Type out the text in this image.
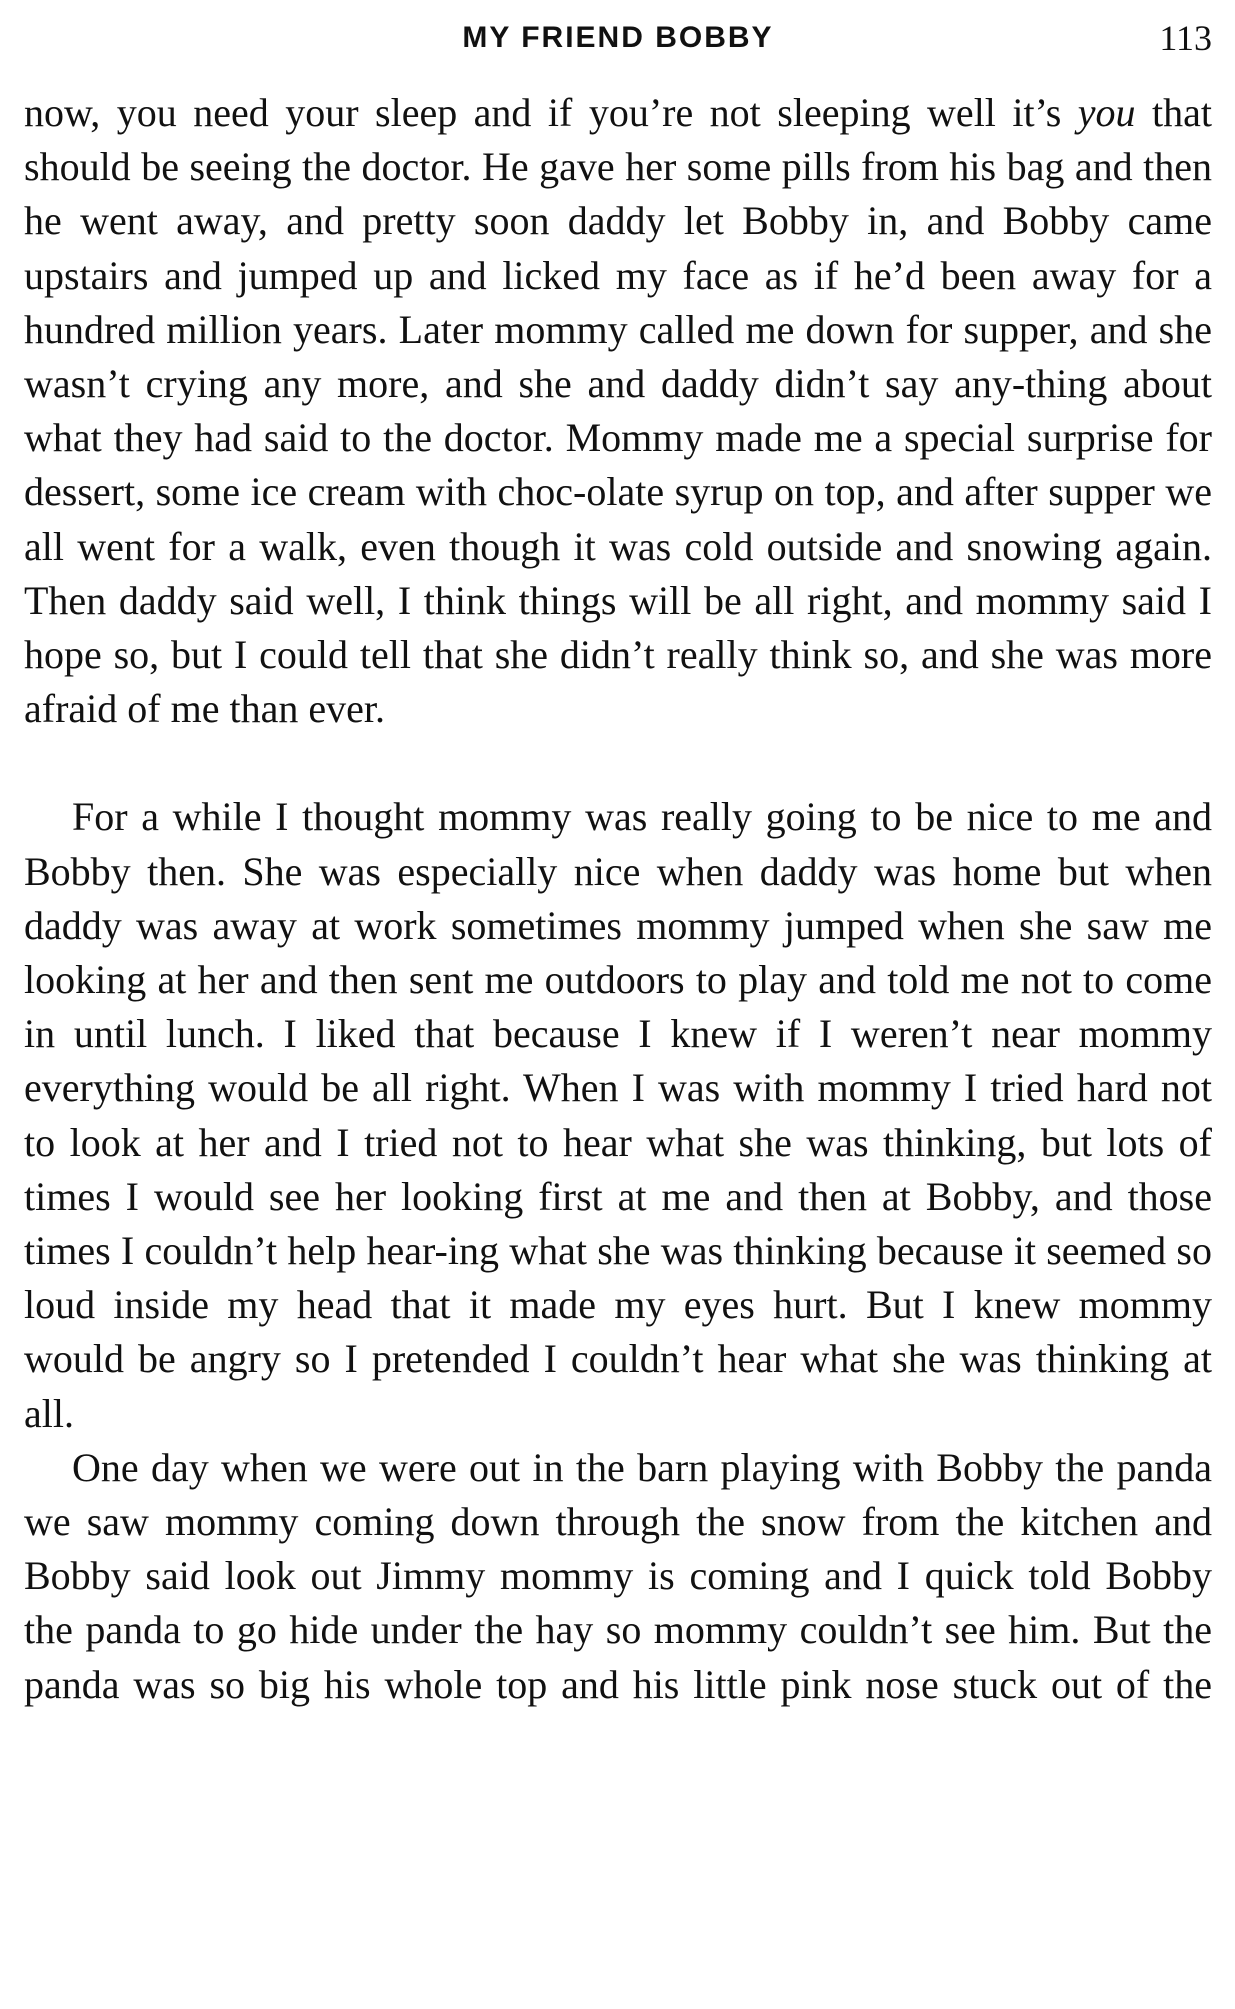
MY FRIEND BOBBY	113

now, you need your sleep and if you’re not sleeping well it’s you that should be seeing the doctor. He gave her some pills from his bag and then he went away, and pretty soon daddy let Bobby in, and Bobby came upstairs and jumped up and licked my face as if he’d been away for a hundred million years. Later mommy called me down for supper, and she wasn’t crying any more, and she and daddy didn’t say any-thing about what they had said to the doctor. Mommy made me a special surprise for dessert, some ice cream with choc-olate syrup on top, and after supper we all went for a walk, even though it was cold outside and snowing again. Then daddy said well, I think things will be all right, and mommy said I hope so, but I could tell that she didn’t really think so, and she was more afraid of me than ever.

For a while I thought mommy was really going to be nice to me and Bobby then. She was especially nice when daddy was home but when daddy was away at work sometimes mommy jumped when she saw me looking at her and then sent me outdoors to play and told me not to come in until lunch. I liked that because I knew if I weren’t near mommy everything would be all right. When I was with mommy I tried hard not to look at her and I tried not to hear what she was thinking, but lots of times I would see her looking first at me and then at Bobby, and those times I couldn’t help hear-ing what she was thinking because it seemed so loud inside my head that it made my eyes hurt. But I knew mommy would be angry so I pretended I couldn’t hear what she was thinking at all.

One day when we were out in the barn playing with Bobby the panda we saw mommy coming down through the snow from the kitchen and Bobby said look out Jimmy mommy is coming and I quick told Bobby the panda to go hide under the hay so mommy couldn’t see him. But the panda was so big his whole top and his little pink nose stuck out of the
